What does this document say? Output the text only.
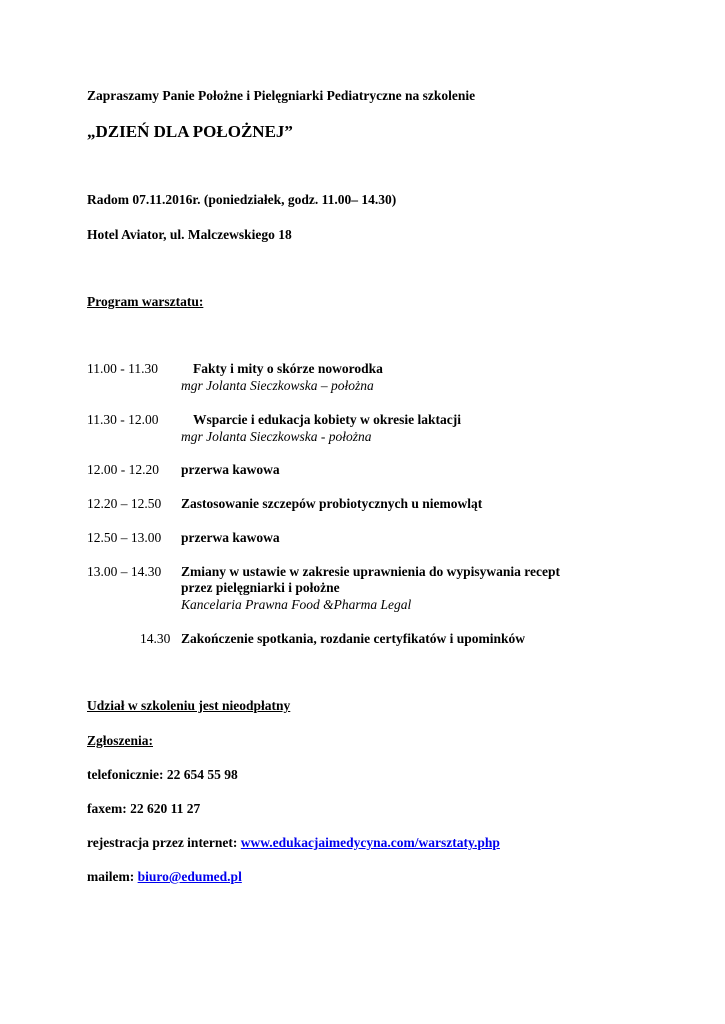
Zapraszamy Panie Położne i Pielęgniarki Pediatryczne na szkolenie
„DZIEŃ DLA POŁOŻNEJ”
Radom 07.11.2016r. (poniedziałek, godz. 11.00– 14.30)
Hotel Aviator, ul. Malczewskiego 18
Program warsztatu:
11.00 - 11.30	Fakty i mity o skórze noworodka
mgr Jolanta Sieczkowska – położna
11.30 - 12.00	Wsparcie i edukacja kobiety w okresie laktacji
mgr Jolanta Sieczkowska - położna
12.00 - 12.20 przerwa kawowa
12.20 – 12.50 Zastosowanie szczepów probiotycznych u niemowląt
12.50 – 13.00 przerwa kawowa
13.00 – 14.30 Zmiany w ustawie w zakresie uprawnienia do wypisywania recept
przez pielęgniarki i położne
Kancelaria Prawna Food &Pharma Legal
14.30 Zakończenie spotkania, rozdanie certyfikatów i upominków
Udział w szkoleniu jest nieodpłatny
Zgłoszenia:
telefonicznie: 22 654 55 98
faxem: 22 620 11 27
rejestracja przez internet: www.edukacjaimedycyna.com/warsztaty.php
mailem: biuro@edumed.pl
